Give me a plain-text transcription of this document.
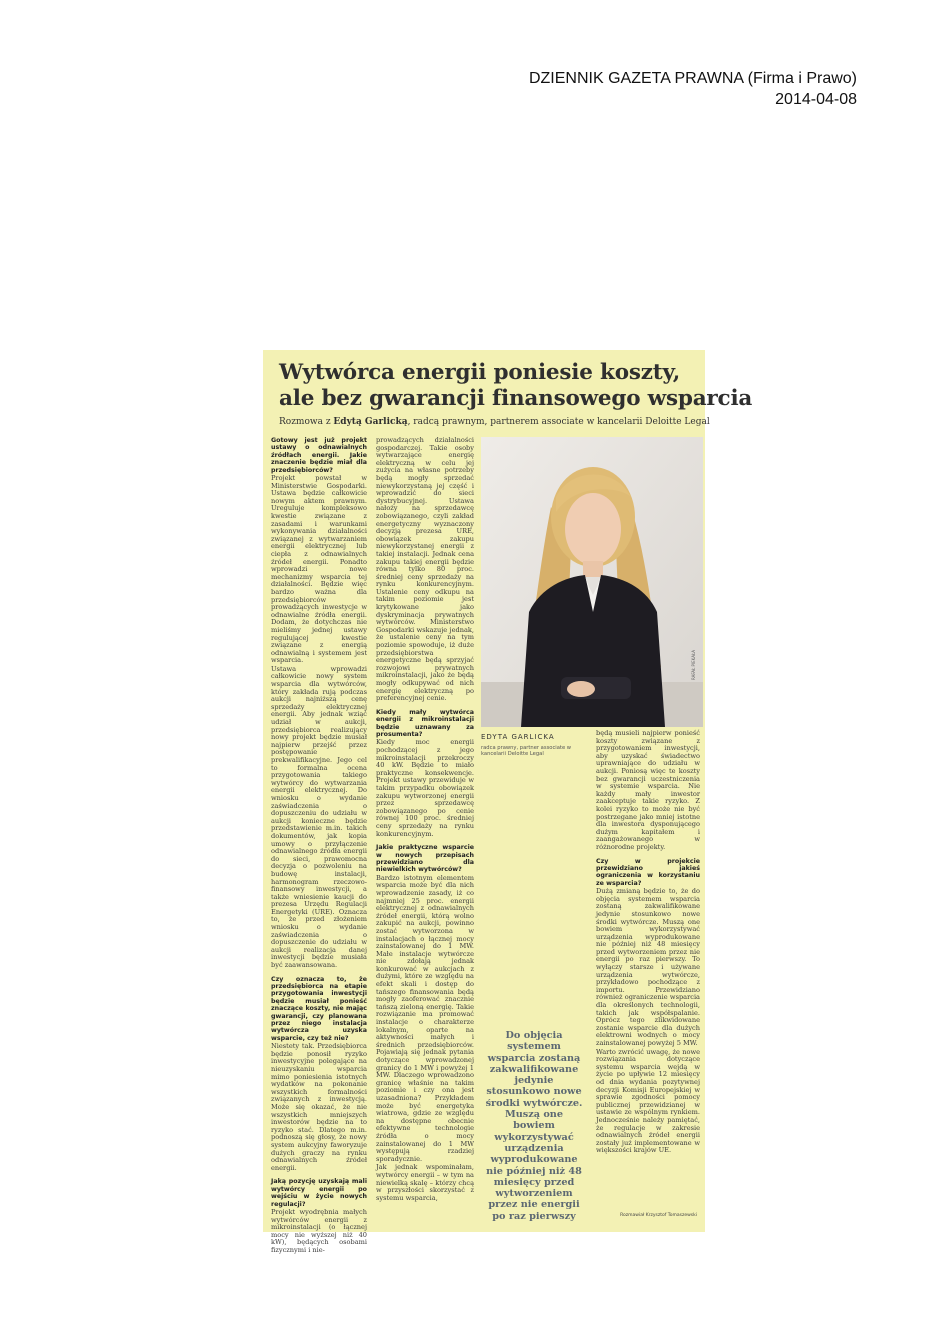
DZIENNIK GAZETA PRAWNA (Firma i Prawo)
2014-04-08
Wytwórca energii poniesie koszty,
ale bez gwarancji finansowego wsparcia
Rozmowa z Edytą Garlicką, radcą prawnym, partnerem associate w kancelarii Deloitte Legal

Gotowy jest już projekt ustawy o odnawialnych źródłach energii. Jakie znaczenie będzie miał dla przedsiębiorców?

Projekt powstał w Ministerstwie Gospodarki. Ustawa będzie całkowicie nowym aktem prawnym. Ureguluje kompleksowo kwestie związane z zasadami i warunkami wykonywania działalności związanej z wytwarzaniem energii elektrycznej lub ciepła z odnawialnych źródeł energii. Ponadto wprowadzi nowe mechanizmy wsparcia tej działalności. Będzie więc bardzo ważna dla przedsiębiorców prowadzących inwestycje w odnawialne źródła energii. Dodam, że dotychczas nie mieliśmy jednej ustawy regulującej kwestie związane z energią odnawialną i systemem jest wsparcia.

Ustawa wprowadzi całkowicie nowy system wsparcia dla wytwórców, który zakłada rują podczas aukcji najniższą cenę sprzedaży elektrycznej energii. Aby jednak wziąć udział w aukcji, przedsiębiorca realizujący nowy projekt będzie musiał najpierw przejść przez postępowanie prekwalifikacyjne. Jego cel to formalna ocena przygotowania takiego wytwórcy do wytwarzania energii elektrycznej. Do wniosku o wydanie zaświadczenia o dopuszczeniu do udziału w aukcji konieczne będzie przedstawienie m.in. takich dokumentów, jak kopia umowy o przyłączenie odnawialnego źródła energii do sieci, prawomocna decyzja o pozwoleniu na budowę instalacji, harmonogram rzeczowo-finansowy inwestycji, a także wniesienie kaucji do prezesa Urzędu Regulacji Energetyki (URE). Oznacza to, że przed złożeniem wniosku o wydanie zaświadczenia o dopuszczenie do udziału w aukcji realizacja danej inwestycji będzie musiała być zaawansowana.

Czy oznacza to, że przedsiębiorca na etapie przygotowania inwestycji będzie musiał ponieść znaczące koszty, nie mając gwarancji, czy planowana przez niego instalacja wytwórcza uzyska wsparcie, czy też nie?

Niestety tak. Przedsiębiorca będzie ponosił ryzyko inwestycyjne polegające na nieuzyskaniu wsparcia mimo poniesienia istotnych wydatków na pokonanie wszystkich formalności związanych z inwestycją. Może się okazać, że nie wszystkich mniejszych inwestorów będzie na to ryzyko stać. Dlatego m.in. podnoszą się głosy, że nowy system aukcyjny faworyzuje dużych graczy na rynku odnawialnych źródeł energii.

Jaką pozycję uzyskają mali wytwórcy energii po wejściu w życie nowych regulacji?

Projekt wyodrębnia małych wytwórców energii z mikroinstalacji (o łącznej mocy nie wyższej niż 40 kW), będących osobami fizycznymi i nie-

prowadzących działalności gospodarczej. Takie osoby wytwarzające energię elektryczną w celu jej zużycia na własne potrzeby będą mogły sprzedać niewykorzystaną jej część i wprowadzić do sieci dystrybucyjnej. Ustawa nałoży na sprzedawcę zobowiązanego, czyli zakład energetyczny wyznaczony decyzją prezesa URE, obowiązek zakupu niewykorzystanej energii z takiej instalacji. Jednak cena zakupu takiej energii będzie równa tylko 80 proc. średniej ceny sprzedaży na rynku konkurencyjnym. Ustalenie ceny odkupu na takim poziomie jest krytykowane jako dyskryminacja prywatnych wytwórców. Ministerstwo Gospodarki wskazuje jednak, że ustalenie ceny na tym poziomie spowoduje, iż duże przedsiębiorstwa energetyczne będą sprzyjać rozwojowi prywatnych mikroinstalacji, jako że będą mogły odkupywać od nich energię elektryczną po preferencyjnej cenie.

Kiedy mały wytwórca energii z mikroinstalacji będzie uznawany za prosumenta?

Kiedy moc energii pochodzącej z jego mikroinstalacji przekroczy 40 kW. Będzie to miało praktyczne konsekwencje. Projekt ustawy przewiduje w takim przypadku obowiązek zakupu wytworzonej energii przez sprzedawcę zobowiązanego po cenie równej 100 proc. średniej ceny sprzedaży na rynku konkurencyjnym.

Jakie praktyczne wsparcie w nowych przepisach przewidziano dla niewielkich wytwórców?

Bardzo istotnym elementem wsparcia może być dla nich wprowadzenie zasady, iż co najmniej 25 proc. energii elektrycznej z odnawialnych źródeł energii, którą wolno zakupić na aukcji, powinno zostać wytworzona w instalacjach o łącznej mocy zainstalowanej do 1 MW. Małe instalacje wytwórcze nie zdołają jednak konkurować w aukcjach z dużymi, które ze względu na efekt skali i dostęp do tańszego finansowania będą mogły zaoferować znacznie tańszą zieloną energię. Takie rozwiązanie ma promować instalacje o charakterze lokalnym, oparte na aktywności małych i średnich przedsiębiorców. Pojawiają się jednak pytania dotyczące wprowadzonej granicy do 1 MW i powyżej 1 MW. Dlaczego wprowadzono granicę właśnie na takim poziomie i czy ona jest uzasadniona? Przykładem może być energetyka wiatrowa, gdzie ze względu na dostępne obecnie efektywne technologie źródła o mocy zainstalowanej do 1 MW występują rzadziej sporadycznie.

Jak jednak wspominałam, wytwórcy energii – w tym na niewielką skalę – którzy chcą w przyszłości skorzystać z systemu wsparcia,

RAFAŁ PIEKAŁA
EDYTA GARLICKA
radca prawny, partner associate w kancelarii Deloitte Legal
Do objęcia systemem wsparcia zostaną zakwalifikowane jedynie stosunkowo nowe środki wytwórcze. Muszą one bowiem wykorzystywać urządzenia wyprodukowane nie później niż 48 miesięcy przed wytworzeniem przez nie energii po raz pierwszy

będą musieli najpierw ponieść koszty związane z przygotowaniem inwestycji, aby uzyskać świadectwo uprawniające do udziału w aukcji. Poniosą więc te koszty bez gwarancji uczestniczenia w systemie wsparcia. Nie każdy mały inwestor zaakceptuje takie ryzyko. Z kolei ryzyko to może nie być postrzegane jako mniej istotne dla inwestora dysponującego dużym kapitałem i zaangażowanego w różnorodne projekty.

Czy w projekcie przewidziano jakieś ograniczenia w korzystaniu ze wsparcia?

Dużą zmianą będzie to, że do objęcia systemem wsparcia zostaną zakwalifikowane jedynie stosunkowo nowe środki wytwórcze. Muszą one bowiem wykorzystywać urządzenia wyprodukowane nie później niż 48 miesięcy przed wytworzeniem przez nie energii po raz pierwszy. To wyłączy starsze i używane urządzenia wytwórcze, przykładowo pochodzące z importu. Przewidziano również ograniczenie wsparcia dla określonych technologii, takich jak współspalanie. Oprócz tego zlikwidowane zostanie wsparcie dla dużych elektrowni wodnych o mocy zainstalowanej powyżej 5 MW.

Warto zwrócić uwagę, że nowe rozwiązania dotyczące systemu wsparcia wejdą w życie po upływie 12 miesięcy od dnia wydania pozytywnej decyzji Komisji Europejskiej w sprawie zgodności pomocy publicznej przewidzianej w ustawie ze wspólnym rynkiem. Jednocześnie należy pamiętać, że regulacje w zakresie odnawialnych źródeł energii zostały już implementowane w większości krajów UE.

Rozmawiał Krzysztof Tomaszewski
